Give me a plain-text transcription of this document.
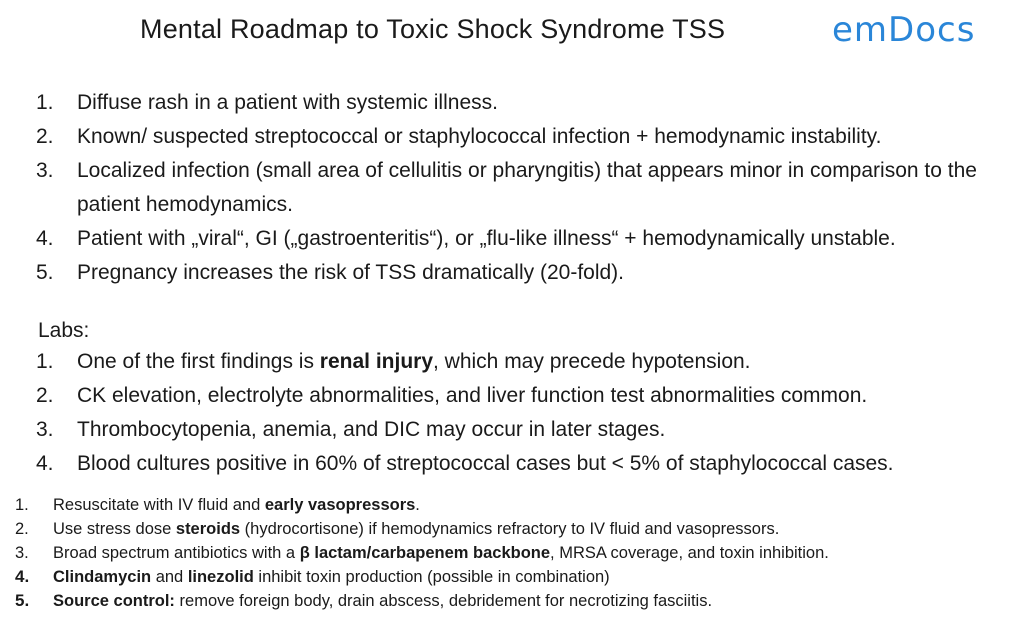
Mental Roadmap to Toxic Shock Syndrome TSS	emDocs
1. Diffuse rash in a patient with systemic illness.
2. Known/ suspected streptococcal or staphylococcal infection + hemodynamic instability.
3. Localized infection (small area of cellulitis or pharyngitis) that appears minor in comparison to the patient hemodynamics.
4. Patient with „viral“, GI („gastroenteritis“), or „flu-like illness“ + hemodynamically unstable.
5. Pregnancy increases the risk of TSS dramatically (20-fold).
Labs:
1. One of the first findings is renal injury, which may precede hypotension.
2. CK elevation, electrolyte abnormalities, and liver function test abnormalities common.
3. Thrombocytopenia, anemia, and DIC may occur in later stages.
4. Blood cultures positive in 60% of streptococcal cases but < 5% of staphylococcal cases.
1. Resuscitate with IV fluid and early vasopressors.
2. Use stress dose steroids (hydrocortisone) if hemodynamics refractory to IV fluid and vasopressors.
3. Broad spectrum antibiotics with a β lactam/carbapenem backbone, MRSA coverage, and toxin inhibition.
4. Clindamycin and linezolid inhibit toxin production (possible in combination)
5. Source control: remove foreign body, drain abscess, debridement for necrotizing fasciitis.
